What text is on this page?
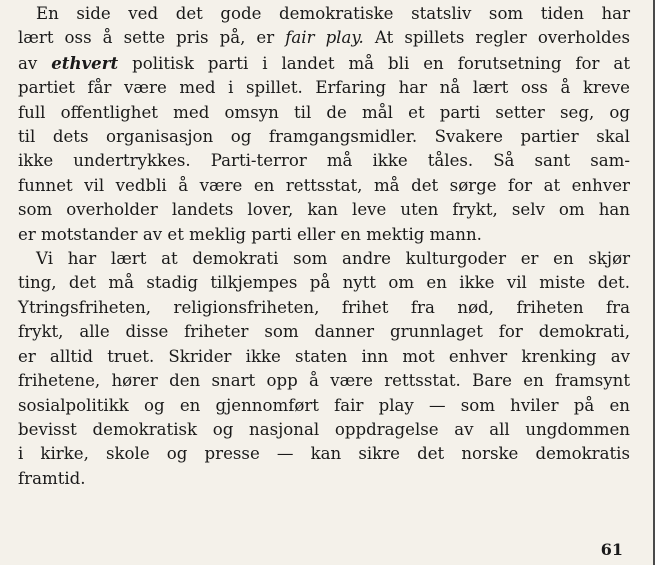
En side ved det gode demokratiske statsliv som tiden har
lært oss å sette pris på, er fair play. At spillets regler overholdes
av ethvert politisk parti i landet må bli en forutsetning for at
partiet får være med i spillet. Erfaring har nå lært oss å kreve
full offentlighet med omsyn til de mål et parti setter seg, og
til dets organisasjon og framgangsmidler. Svakere partier skal
ikke undertrykkes. Parti-terror må ikke tåles. Så sant sam-
funnet vil vedbli å være en rettsstat, må det sørge for at enhver
som overholder landets lover, kan leve uten frykt, selv om han
er motstander av et meklig parti eller en mektig mann.
Vi har lært at demokrati som andre kulturgoder er en skjør
ting, det må stadig tilkjempes på nytt om en ikke vil miste det.
Ytringsfriheten, religionsfriheten, frihet fra nød, friheten fra
frykt, alle disse friheter som danner grunnlaget for demokrati,
er alltid truet. Skrider ikke staten inn mot enhver krenking av
frihetene, hører den snart opp å være rettsstat. Bare en framsynt
sosialpolitikk og en gjennomført fair play — som hviler på en
bevisst demokratisk og nasjonal oppdragelse av all ungdommen
i kirke, skole og presse — kan sikre det norske demokratis
framtid.
61
